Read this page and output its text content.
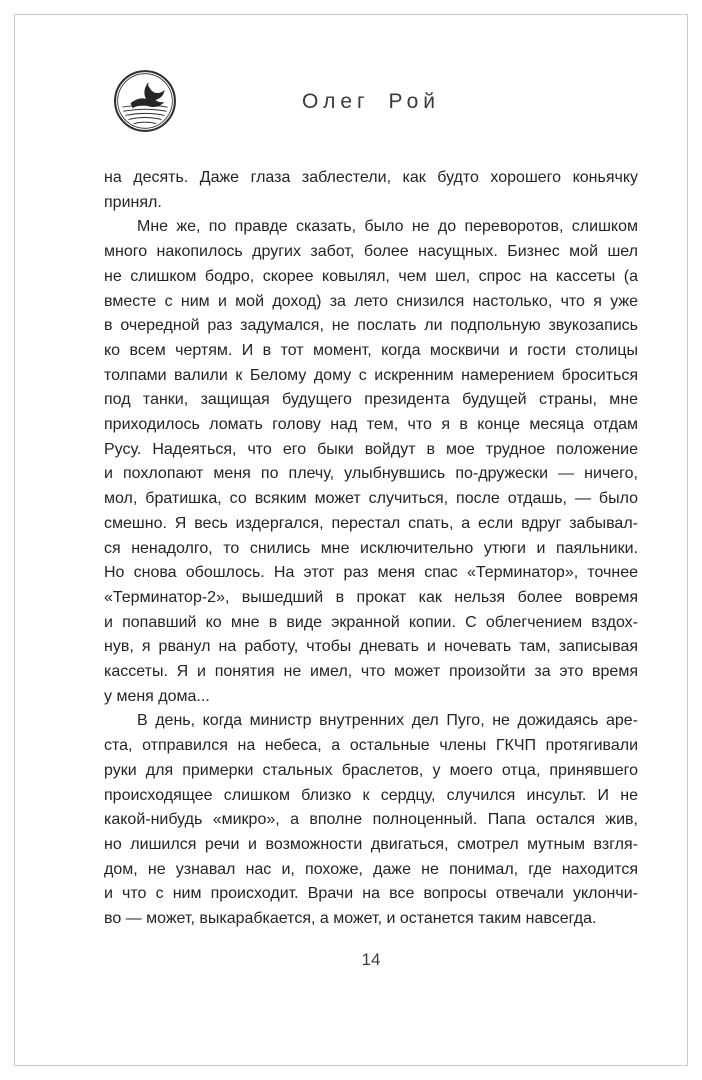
Олег Рой
на десять. Даже глаза заблестели, как будто хорошего коньячку
принял.
Мне же, по правде сказать, было не до переворотов, слишком
много накопилось других забот, более насущных. Бизнес мой шел
не слишком бодро, скорее ковылял, чем шел, спрос на кассеты (а
вместе с ним и мой доход) за лето снизился настолько, что я уже
в очередной раз задумался, не послать ли подпольную звукозапись
ко всем чертям. И в тот момент, когда москвичи и гости столицы
толпами валили к Белому дому с искренним намерением броситься
под танки, защищая будущего президента будущей страны, мне
приходилось ломать голову над тем, что я в конце месяца отдам
Русу. Надеяться, что его быки войдут в мое трудное положение
и похлопают меня по плечу, улыбнувшись по-дружески — ничего,
мол, братишка, со всяким может случиться, после отдашь, — было
смешно. Я весь издергался, перестал спать, а если вдруг забывал-
ся ненадолго, то снились мне исключительно утюги и паяльники.
Но снова обошлось. На этот раз меня спас «Терминатор», точнее
«Терминатор-2», вышедший в прокат как нельзя более вовремя
и попавший ко мне в виде экранной копии. С облегчением вздох-
нув, я рванул на работу, чтобы дневать и ночевать там, записывая
кассеты. Я и понятия не имел, что может произойти за это время
у меня дома...
В день, когда министр внутренних дел Пуго, не дожидаясь аре-
ста, отправился на небеса, а остальные члены ГКЧП протягивали
руки для примерки стальных браслетов, у моего отца, принявшего
происходящее слишком близко к сердцу, случился инсульт. И не
какой-нибудь «микро», а вполне полноценный. Папа остался жив,
но лишился речи и возможности двигаться, смотрел мутным взгля-
дом, не узнавал нас и, похоже, даже не понимал, где находится
и что с ним происходит. Врачи на все вопросы отвечали уклончи-
во — может, выкарабкается, а может, и останется таким навсегда.
14
